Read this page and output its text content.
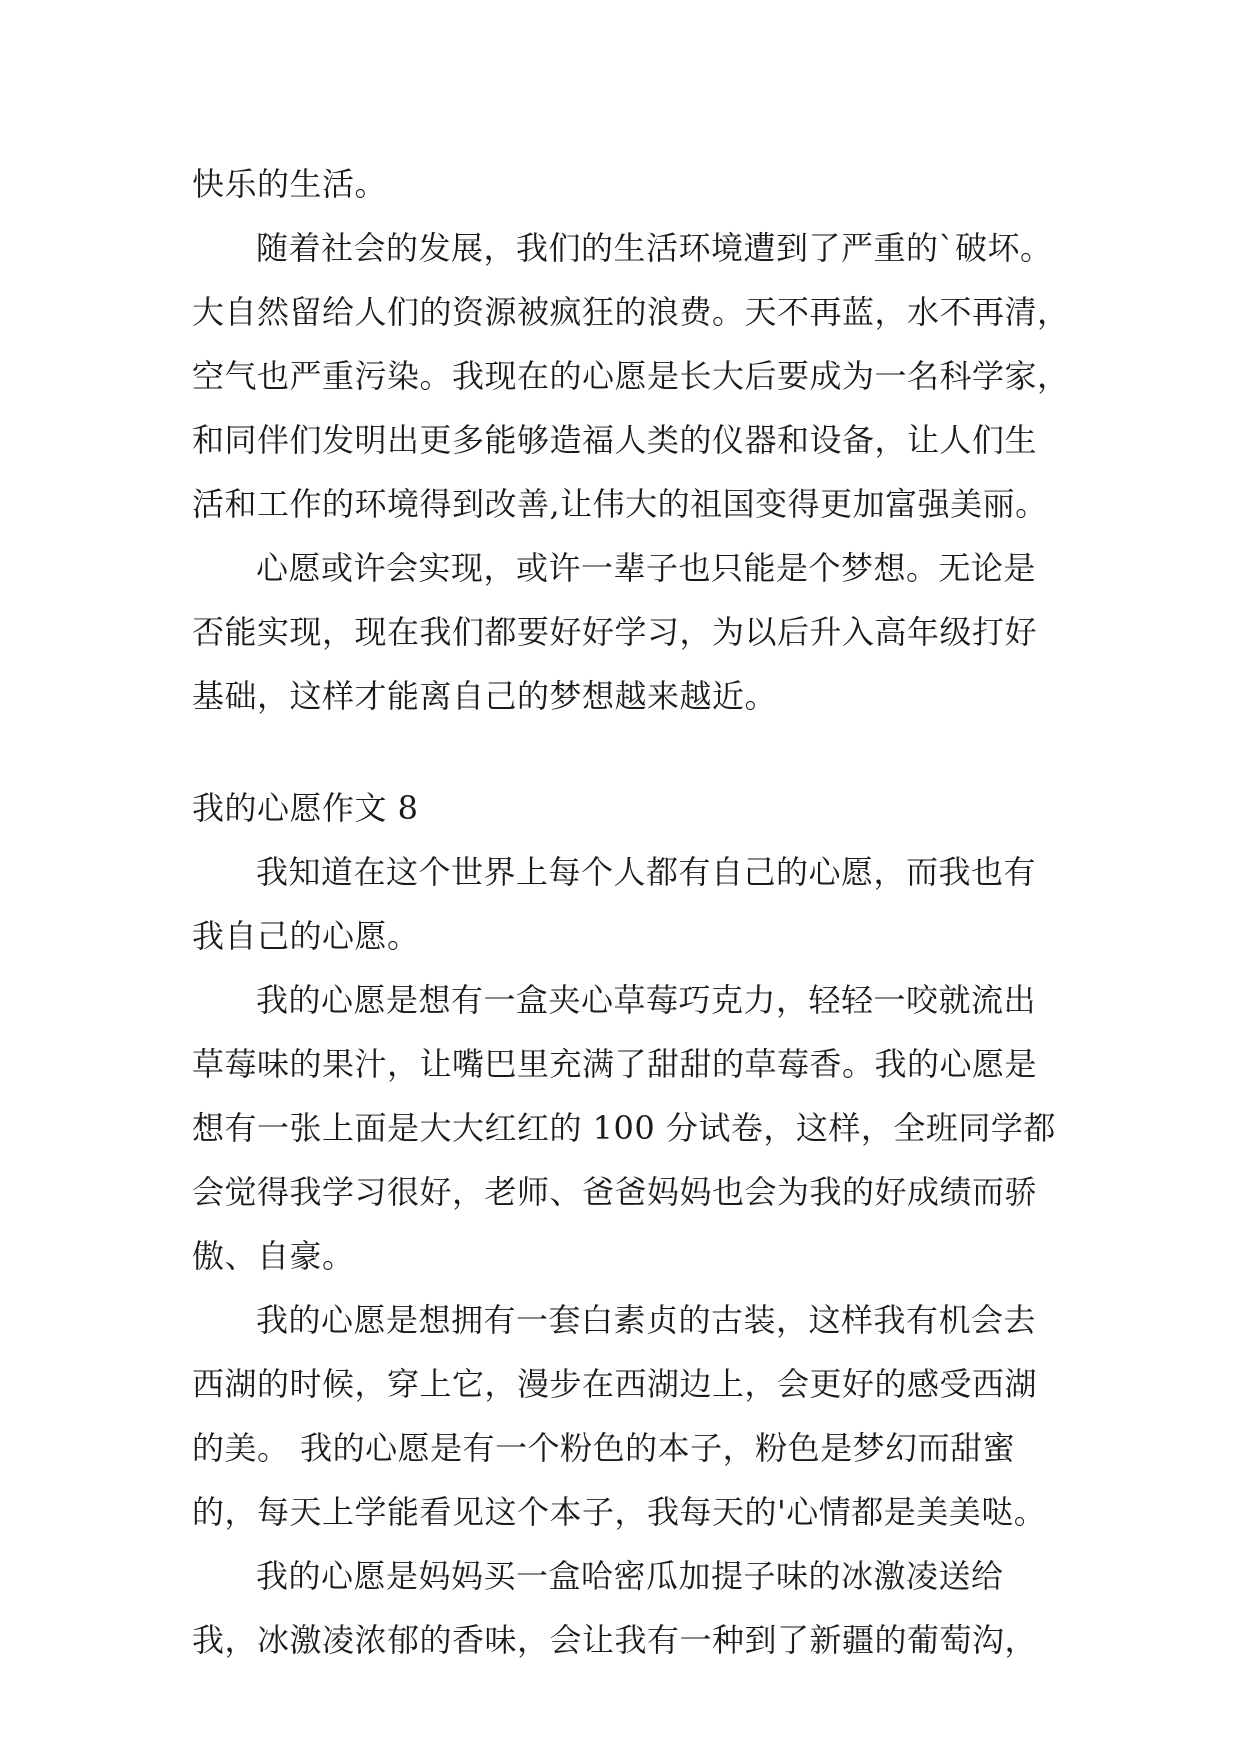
快乐的生活。
随着社会的发展，我们的生活环境遭到了严重的`破坏。
大自然留给人们的资源被疯狂的浪费。天不再蓝，水不再清，
空气也严重污染。我现在的心愿是长大后要成为一名科学家，
和同伴们发明出更多能够造福人类的仪器和设备，让人们生
活和工作的环境得到改善,让伟大的祖国变得更加富强美丽。
心愿或许会实现，或许一辈子也只能是个梦想。无论是
否能实现，现在我们都要好好学习，为以后升入高年级打好
基础，这样才能离自己的梦想越来越近。
我的心愿作文 8
我知道在这个世界上每个人都有自己的心愿，而我也有
我自己的心愿。
我的心愿是想有一盒夹心草莓巧克力，轻轻一咬就流出
草莓味的果汁，让嘴巴里充满了甜甜的草莓香。我的心愿是
想有一张上面是大大红红的 100 分试卷，这样，全班同学都
会觉得我学习很好，老师、爸爸妈妈也会为我的好成绩而骄
傲、自豪。
我的心愿是想拥有一套白素贞的古装，这样我有机会去
西湖的时候，穿上它，漫步在西湖边上，会更好的感受西湖
的美。 我的心愿是有一个粉色的本子，粉色是梦幻而甜蜜
的，每天上学能看见这个本子，我每天的'心情都是美美哒。
我的心愿是妈妈买一盒哈密瓜加提子味的冰激凌送给
我，冰激凌浓郁的香味，会让我有一种到了新疆的葡萄沟，
